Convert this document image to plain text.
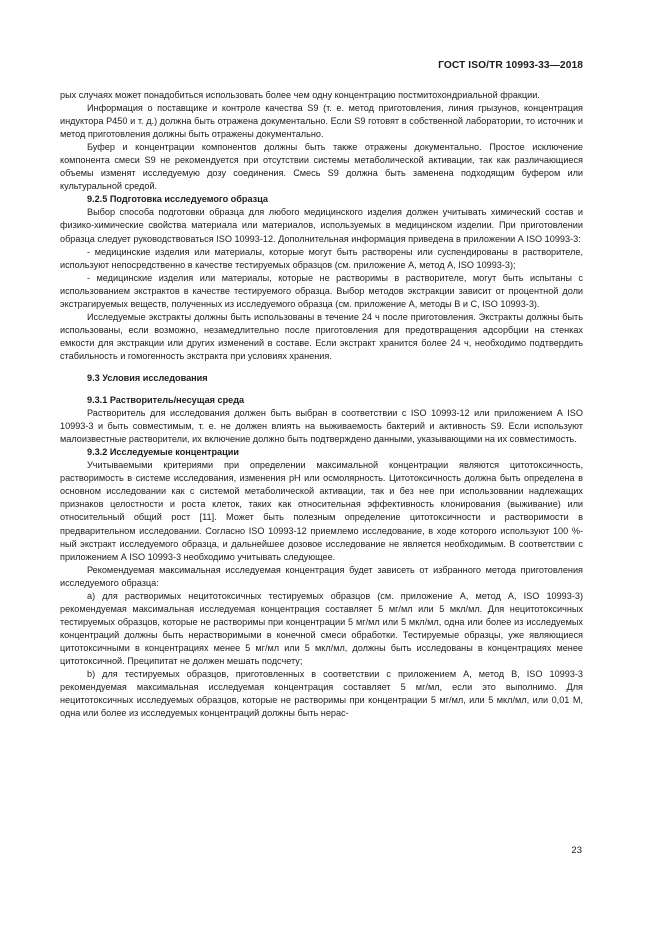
ГОСТ ISO/TR 10993-33—2018

рых случаях может понадобиться использовать более чем одну концентрацию постмитохондриальной фракции.

Информация о поставщике и контроле качества S9 (т. е. метод приготовления, линия грызунов, концентрация индуктора Р450 и т. д.) должна быть отражена документально. Если S9 готовят в собственной лаборатории, то источник и метод приготовления должны быть отражены документально.

Буфер и концентрации компонентов должны быть также отражены документально. Простое исключение компонента смеси S9 не рекомендуется при отсутствии системы метаболической активации, так как различающиеся объемы изменят исследуемую дозу соединения. Смесь S9 должна быть заменена подходящим буфером или культуральной средой.

9.2.5 Подготовка исследуемого образца

Выбор способа подготовки образца для любого медицинского изделия должен учитывать химический состав и физико-химические свойства материала или материалов, используемых в медицинском изделии. При приготовлении образца следует руководствоваться ISO 10993-12. Дополнительная информация приведена в приложении А ISO 10993-3:

- медицинские изделия или материалы, которые могут быть растворены или суспендированы в растворителе, используют непосредственно в качестве тестируемых образцов (см. приложение А, метод А, ISO 10993-3);

- медицинские изделия или материалы, которые не растворимы в растворителе, могут быть испытаны с использованием экстрактов в качестве тестируемого образца. Выбор методов экстракции зависит от процентной доли экстрагируемых веществ, полученных из исследуемого образца (см. приложение А, методы В и С, ISO 10993-3).

Исследуемые экстракты должны быть использованы в течение 24 ч после приготовления. Экстракты должны быть использованы, если возможно, незамедлительно после приготовления для предотвращения адсорбции на стенках емкости для экстракции или других изменений в составе. Если экстракт хранится более 24 ч, необходимо подтвердить стабильность и гомогенность экстракта при условиях хранения.

9.3 Условия исследования

9.3.1 Растворитель/несущая среда

Растворитель для исследования должен быть выбран в соответствии с ISO 10993-12 или приложением А ISO 10993-3 и быть совместимым, т. е. не должен влиять на выживаемость бактерий и активность S9. Если используют малоизвестные растворители, их включение должно быть подтверждено данными, указывающими на их совместимость.

9.3.2 Исследуемые концентрации

Учитываемыми критериями при определении максимальной концентрации являются цитотоксичность, растворимость в системе исследования, изменения pH или осмолярность. Цитотоксичность должна быть определена в основном исследовании как с системой метаболической активации, так и без нее при использовании надлежащих признаков целостности и роста клеток, таких как относительная эффективность клонирования (выживание) или относительный общий рост [11]. Может быть полезным определение цитотоксичности и растворимости в предварительном исследовании. Согласно ISO 10993-12 приемлемо исследование, в ходе которого используют 100 %-ный экстракт исследуемого образца, и дальнейшее дозовое исследование не является необходимым. В соответствии с приложением А ISO 10993-3 необходимо учитывать следующее.

Рекомендуемая максимальная исследуемая концентрация будет зависеть от избранного метода приготовления исследуемого образца:

а) для растворимых нецитотоксичных тестируемых образцов (см. приложение А, метод А, ISO 10993-3) рекомендуемая максимальная исследуемая концентрация составляет 5 мг/мл или 5 мкл/мл. Для нецитотоксичных тестируемых образцов, которые не растворимы при концентрации 5 мг/мл или 5 мкл/мл, одна или более из исследуемых концентраций должны быть нерастворимыми в конечной смеси обработки. Тестируемые образцы, уже являющиеся цитотоксичными в концентрациях менее 5 мг/мл или 5 мкл/мл, должны быть исследованы в концентрациях менее цитотоксичной. Преципитат не должен мешать подсчету;

b) для тестируемых образцов, приготовленных в соответствии с приложением А, метод В, ISO 10993-3 рекомендуемая максимальная исследуемая концентрация составляет 5 мг/мл, если это выполнимо. Для нецитотоксичных исследуемых образцов, которые не растворимы при концентрации 5 мг/мл, или 5 мкл/мл, или 0,01 М, одна или более из исследуемых концентраций должны быть нерас-

23
